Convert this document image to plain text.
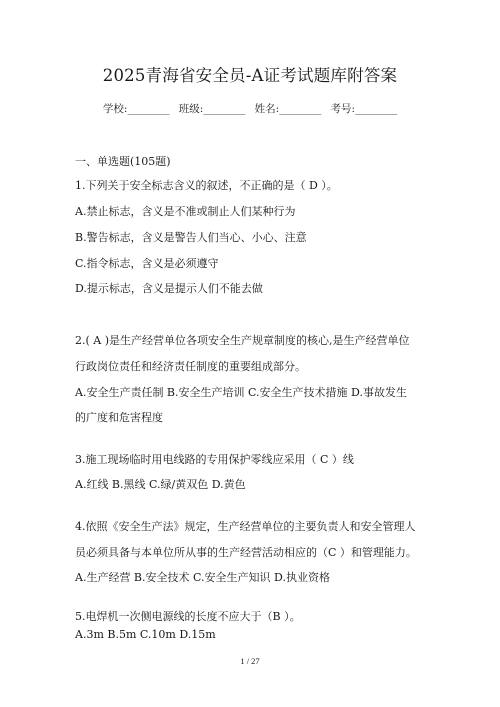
2025青海省安全员-A证考试题库附答案
学校:________ 班级:________ 姓名:________ 考号:________
一、单选题(105题)
1.下列关于安全标志含义的叙述，不正确的是（ D ）。
A.禁止标志，含义是不准或制止人们某种行为
B.警告标志，含义是警告人们当心、小心、注意
C.指令标志，含义是必须遵守
D.提示标志，含义是提示人们不能去做
2.( A )是生产经营单位各项安全生产规章制度的核心,是生产经营单位
行政岗位责任和经济责任制度的重要组成部分。
A.安全生产责任制 B.安全生产培训 C.安全生产技术措施 D.事故发生
的广度和危害程度
3.施工现场临时用电线路的专用保护零线应采用（ C ）线
A.红线 B.黑线 C.绿/黄双色 D.黄色
4.依照《安全生产法》规定，生产经营单位的主要负责人和安全管理人
员必须具备与本单位所从事的生产经营活动相应的（C ）和管理能力。
A.生产经营 B.安全技术 C.安全生产知识 D.执业资格
5.电焊机一次侧电源线的长度不应大于（B ）。
A.3m B.5m C.10m D.15m
1 / 27
